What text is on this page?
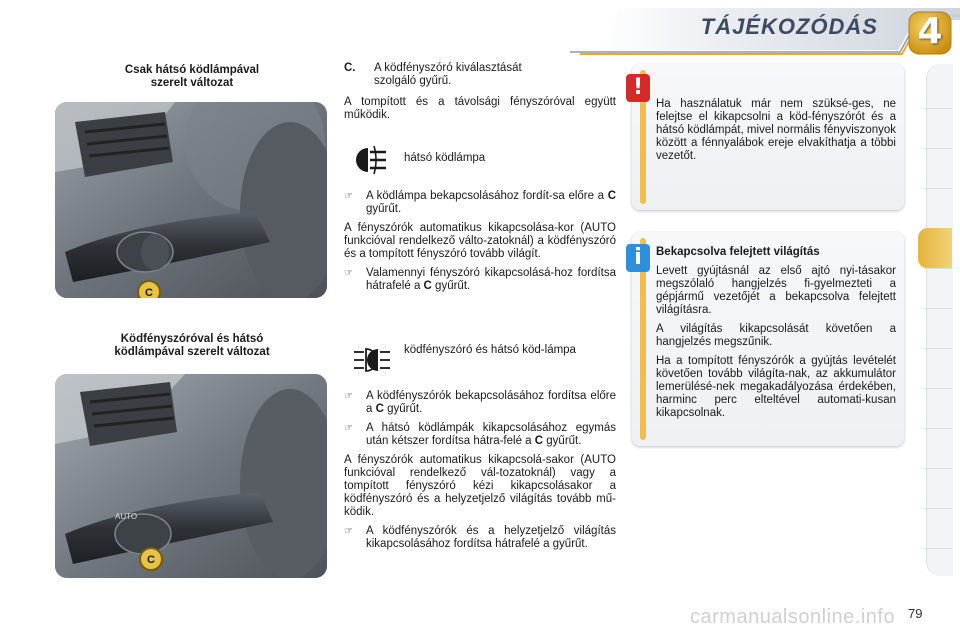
TÁJÉKOZÓDÁS 4
Csak hátsó ködlámpával
szerelt változat
C
Ködfényszóróval és hátsó
ködlámpával szerelt változat
AUTO
C
C.	A ködfényszóró kiválasztását
szolgáló gyűrű.

A tompított és a távolsági fényszóróval együtt működik.

hátsó ködlámpa

☞ A ködlámpa bekapcsolásához fordít-sa előre a C gyűrűt.

A fényszórók automatikus kikapcsolása-kor (AUTO funkcióval rendelkező válto-zatoknál) a ködfényszóró és a tompított fényszóró tovább világít.

☞ Valamennyi fényszóró kikapcsolásá-hoz fordítsa hátrafelé a C gyűrűt.

ködfényszóró és hátsó köd-lámpa

☞ A ködfényszórók bekapcsolásához fordítsa előre a C gyűrűt.

☞ A hátsó ködlámpák kikapcsolásához egymás után kétszer fordítsa hátra-felé a C gyűrűt.

A fényszórók automatikus kikapcsolá-sakor (AUTO funkcióval rendelkező vál-tozatoknál) vagy a tompított fényszóró kézi kikapcsolásakor a ködfényszóró és a helyzetjelző világítás tovább mű-ködik.

☞ A ködfényszórók és a helyzetjelző világítás kikapcsolásához fordítsa hátrafelé a gyűrűt.

Ha használatuk már nem szüksé-ges, ne felejtse el kikapcsolni a köd-fényszórót és a hátsó ködlámpát, mivel normális fényviszonyok között a fénnyalábok ereje elvakíthatja a többi vezetőt.

!

Bekapcsolva felejtett világítás

Levett gyújtásnál az első ajtó nyi-tásakor megszólaló hangjelzés fi-gyelmezteti a gépjármű vezetőjét a bekapcsolva felejtett világításra.

A világítás kikapcsolását követően a hangjelzés megszűnik.

Ha a tompított fényszórók a gyújtás levételét követően tovább világíta-nak, az akkumulátor lemerülésé-nek megakadályozása érdekében, harminc perc elteltével automati-kusan kikapcsolnak.

i
carmanualsonline.info 79
